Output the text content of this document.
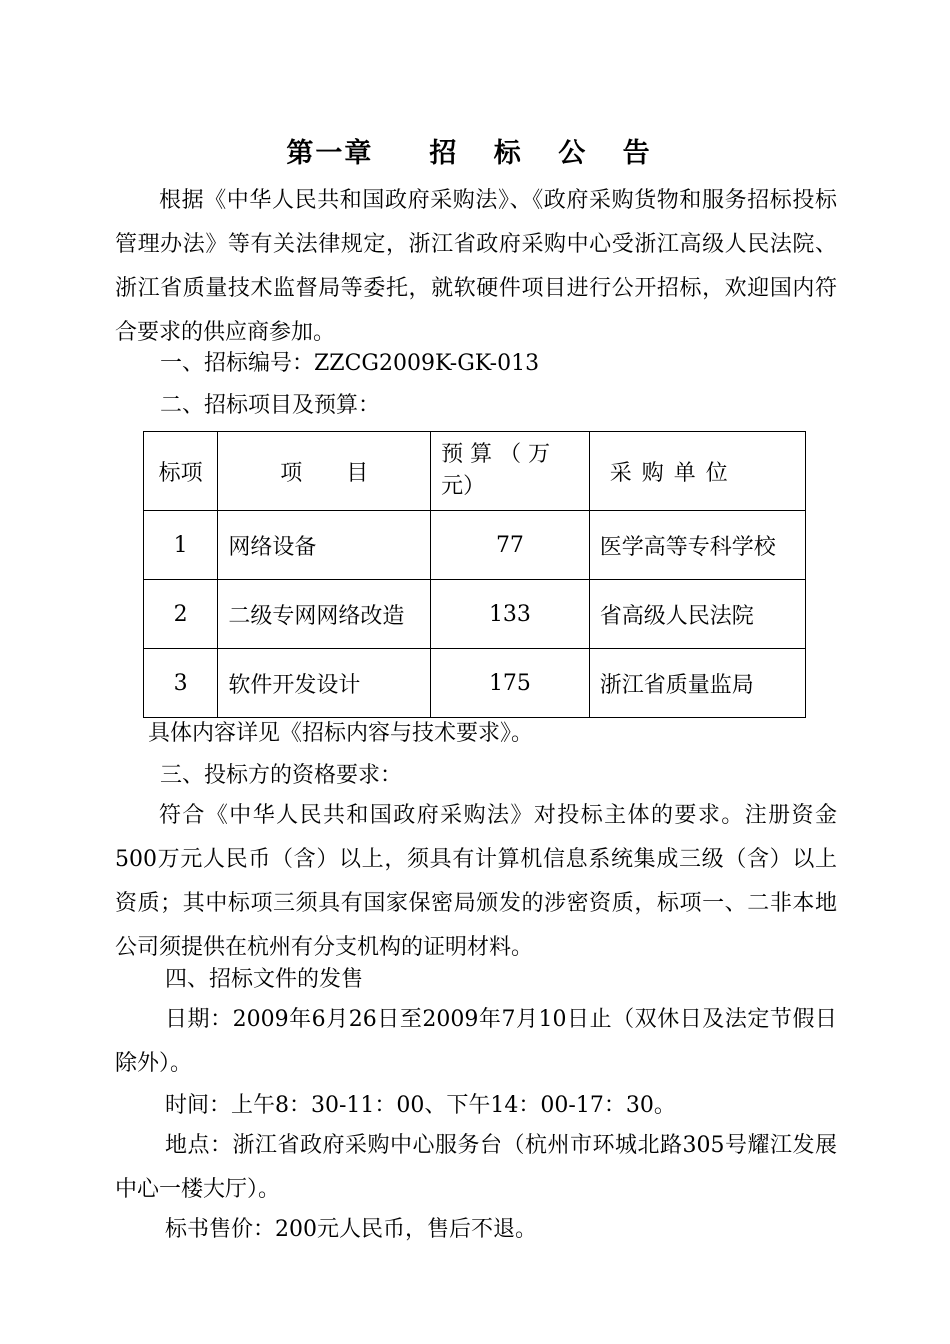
第一章 招 标 公 告
根据《中华人民共和国政府采购法》、《政府采购货物和服务招标投标管理办法》等有关法律规定，浙江省政府采购中心受浙江高级人民法院、浙江省质量技术监督局等委托，就软硬件项目进行公开招标，欢迎国内符合要求的供应商参加。
一、招标编号：ZZCG2009K-GK-013
二、招标项目及预算：
标项	项　　目	预 算 （ 万 元）	采购单位
1	网络设备	77	医学高等专科学校
2	二级专网网络改造	133	省高级人民法院
3	软件开发设计	175	浙江省质量监局
具体内容详见《招标内容与技术要求》。
三、投标方的资格要求：
符合《中华人民共和国政府采购法》对投标主体的要求。注册资金500万元人民币（含）以上，须具有计算机信息系统集成三级（含）以上资质；其中标项三须具有国家保密局颁发的涉密资质，标项一、二非本地公司须提供在杭州有分支机构的证明材料。
四、招标文件的发售
日期：2009年6月26日至2009年7月10日止（双休日及法定节假日除外）。
时间：上午8：30-11：00、下午14：00-17：30。
地点：浙江省政府采购中心服务台（杭州市环城北路305号耀江发展中心一楼大厅）。
标书售价：200元人民币，售后不退。
